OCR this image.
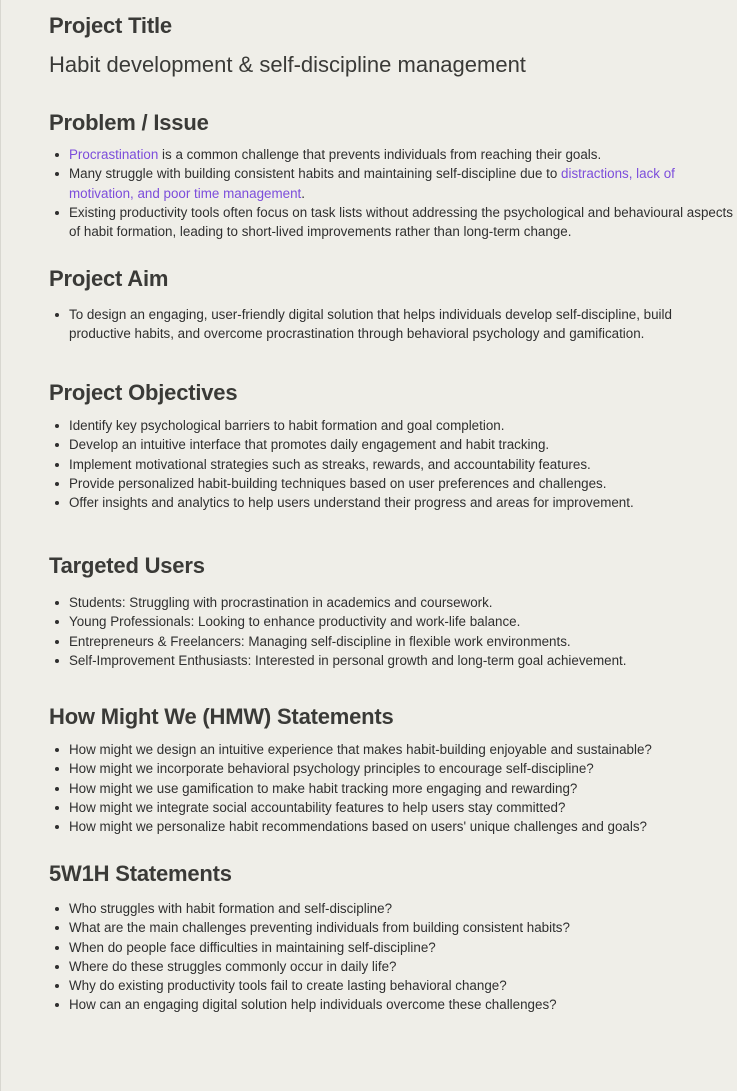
Project Title

Habit development & self-discipline management

Problem / Issue
Procrastination is a common challenge that prevents individuals from reaching their goals.
Many struggle with building consistent habits and maintaining self-discipline due to distractions, lack of motivation, and poor time management.
Existing productivity tools often focus on task lists without addressing the psychological and behavioural aspects of habit formation, leading to short-lived improvements rather than long-term change.
Project Aim
To design an engaging, user-friendly digital solution that helps individuals develop self-discipline, build productive habits, and overcome procrastination through behavioral psychology and gamification.
Project Objectives
Identify key psychological barriers to habit formation and goal completion.
Develop an intuitive interface that promotes daily engagement and habit tracking.
Implement motivational strategies such as streaks, rewards, and accountability features.
Provide personalized habit-building techniques based on user preferences and challenges.
Offer insights and analytics to help users understand their progress and areas for improvement.
Targeted Users
Students: Struggling with procrastination in academics and coursework.
Young Professionals: Looking to enhance productivity and work-life balance.
Entrepreneurs & Freelancers: Managing self-discipline in flexible work environments.
Self-Improvement Enthusiasts: Interested in personal growth and long-term goal achievement.
How Might We (HMW) Statements
How might we design an intuitive experience that makes habit-building enjoyable and sustainable?
How might we incorporate behavioral psychology principles to encourage self-discipline?
How might we use gamification to make habit tracking more engaging and rewarding?
How might we integrate social accountability features to help users stay committed?
How might we personalize habit recommendations based on users' unique challenges and goals?
5W1H Statements
Who struggles with habit formation and self-discipline?
What are the main challenges preventing individuals from building consistent habits?
When do people face difficulties in maintaining self-discipline?
Where do these struggles commonly occur in daily life?
Why do existing productivity tools fail to create lasting behavioral change?
How can an engaging digital solution help individuals overcome these challenges?
